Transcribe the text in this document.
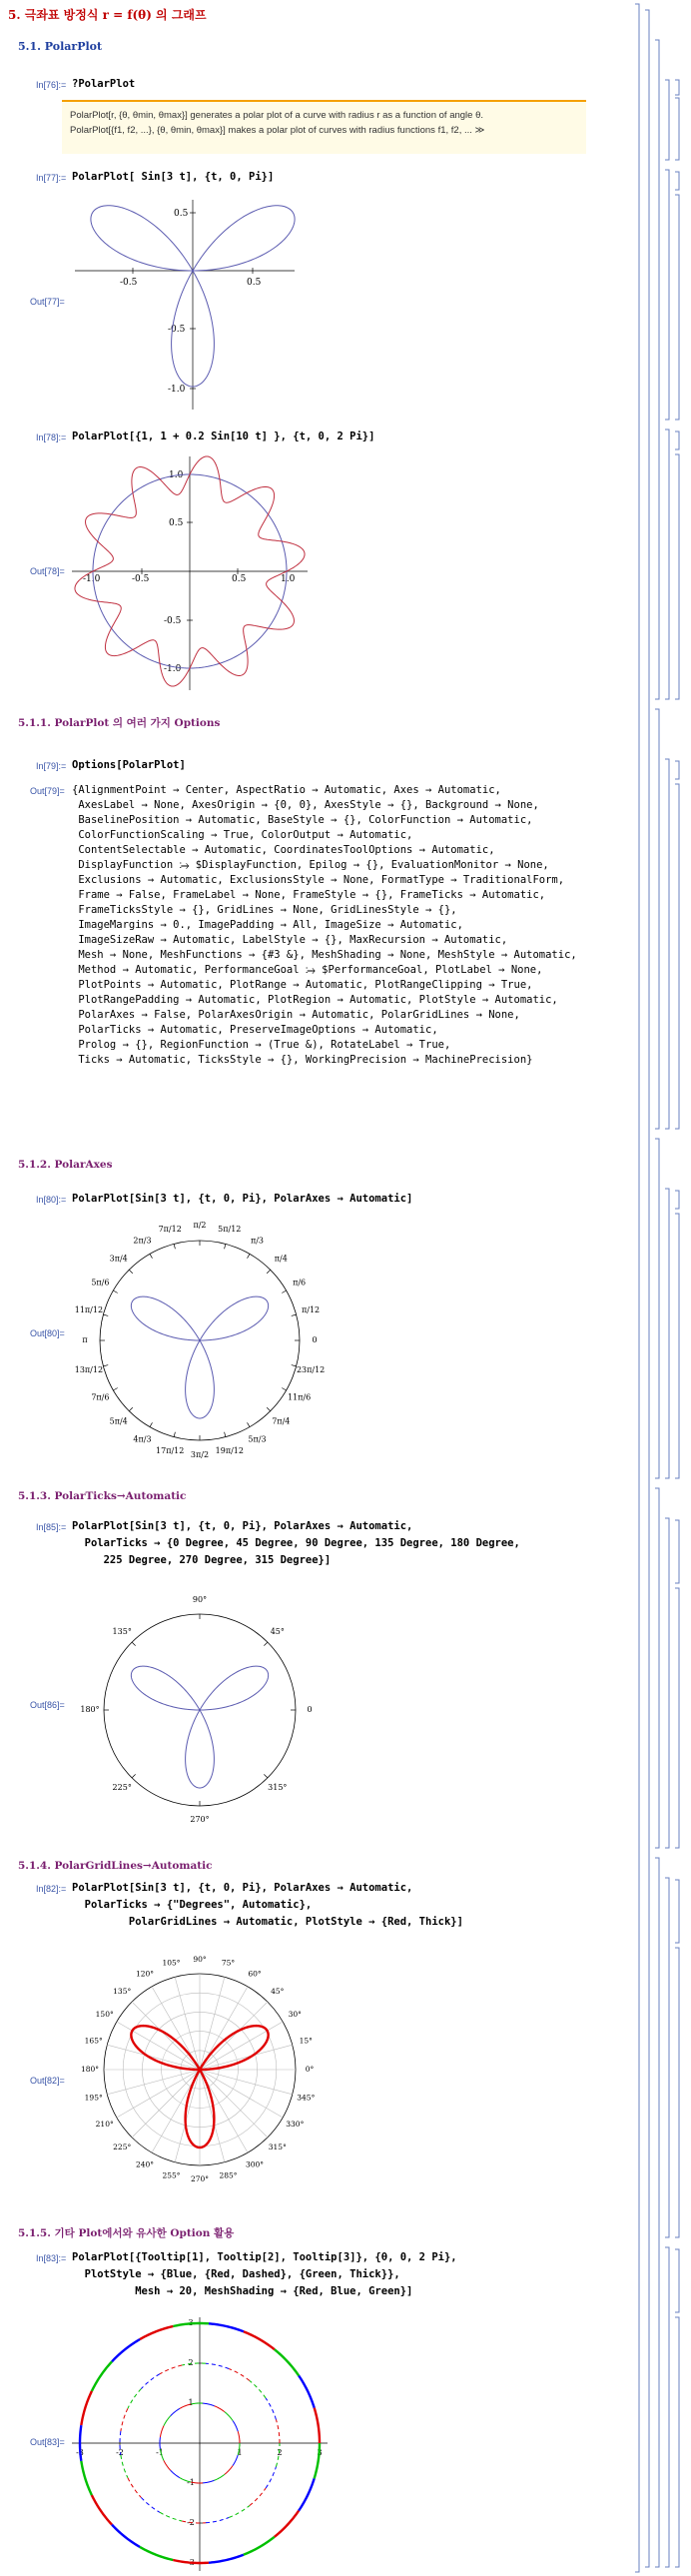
5. 극좌표 방정식 r = f(θ) 의 그래프
5.1. PolarPlot
In[76]:= ?PolarPlot
PolarPlot[r, {θ, θmin, θmax}] generates a polar plot of a curve with radius r as a function of angle θ.
PolarPlot[{f1, f2, ...}, {θ, θmin, θmax}] makes a polar plot of curves with radius functions f1, f2, ... ≫
In[77]:= PolarPlot[ Sin[3 t], {t, 0, Pi}]
Out[77]=
-0.5	0.5
0.5
-0.5
-1.0
In[78]:= PolarPlot[{1, 1 + 0.2 Sin[10 t] }, {t, 0, 2 Pi}]
Out[78]=
-1.0	-0.5	0.5	1.0
1.0
0.5
-0.5
-1.0
5.1.1. PolarPlot 의 여러 가지 Options
In[79]:= Options[PolarPlot]
Out[79]= {AlignmentPoint → Center, AspectRatio → Automatic, Axes → Automatic,
AxesLabel → None, AxesOrigin → {0, 0}, AxesStyle → {}, Background → None,
BaselinePosition → Automatic, BaseStyle → {}, ColorFunction → Automatic,
ColorFunctionScaling → True, ColorOutput → Automatic,
ContentSelectable → Automatic, CoordinatesToolOptions → Automatic,
DisplayFunction ⧴ $DisplayFunction, Epilog → {}, EvaluationMonitor → None,
Exclusions → Automatic, ExclusionsStyle → None, FormatType → TraditionalForm,
Frame → False, FrameLabel → None, FrameStyle → {}, FrameTicks → Automatic,
FrameTicksStyle → {}, GridLines → None, GridLinesStyle → {},
ImageMargins → 0., ImagePadding → All, ImageSize → Automatic,
ImageSizeRaw → Automatic, LabelStyle → {}, MaxRecursion → Automatic,
Mesh → None, MeshFunctions → {#3 &}, MeshShading → None, MeshStyle → Automatic,
Method → Automatic, PerformanceGoal ⧴ $PerformanceGoal, PlotLabel → None,
PlotPoints → Automatic, PlotRange → Automatic, PlotRangeClipping → True,
PlotRangePadding → Automatic, PlotRegion → Automatic, PlotStyle → Automatic,
PolarAxes → False, PolarAxesOrigin → Automatic, PolarGridLines → None,
PolarTicks → Automatic, PreserveImageOptions → Automatic,
Prolog → {}, RegionFunction → (True &), RotateLabel → True,
Ticks → Automatic, TicksStyle → {}, WorkingPrecision → MachinePrecision}
5.1.2. PolarAxes
In[80]:= PolarPlot[Sin[3 t], {t, 0, Pi}, PolarAxes → Automatic]
Out[80]=
π/12
π/6
π/4
π/3
5π/12
π/2
7π/12
2π/3
3π/4
5π/6
11π/12
π
13π/12
7π/6
5π/4
4π/3
17π/12 3π/2 19π/12
5π/3
7π/4
11π/6
23π/12
0
5.1.3. PolarTicks→Automatic
In[85]:= PolarPlot[Sin[3 t], {t, 0, Pi}, PolarAxes → Automatic,
PolarTicks → {0 Degree, 45 Degree, 90 Degree, 135 Degree, 180 Degree,
225 Degree, 270 Degree, 315 Degree}]
Out[86]=	0
45°
90°
135°
180°
225°
270°
315°
5.1.4. PolarGridLines→Automatic
In[82]:= PolarPlot[Sin[3 t], {t, 0, Pi}, PolarAxes → Automatic,
PolarTicks → {"Degrees", Automatic},
PolarGridLines → Automatic, PlotStyle → {Red, Thick}]
Out[82]=
0°
15°
30°
45°
60°
75°
90°
105°
120°
135°
150°
165°
180°
195°
210°
225°
240°
255° 270° 285°
300°
315°
330°
345°
5.1.5. 기타 Plot에서와 유사한 Option 활용
In[83]:= PolarPlot[{Tooltip[1], Tooltip[2], Tooltip[3]}, {θ, 0, 2 Pi},
PlotStyle → {Blue, {Red, Dashed}, {Green, Thick}},
Mesh → 20, MeshShading → {Red, Blue, Green}]
Out[83]=
-3
-3
-2
-2
-1
-1
1
1
2
2
3
3
